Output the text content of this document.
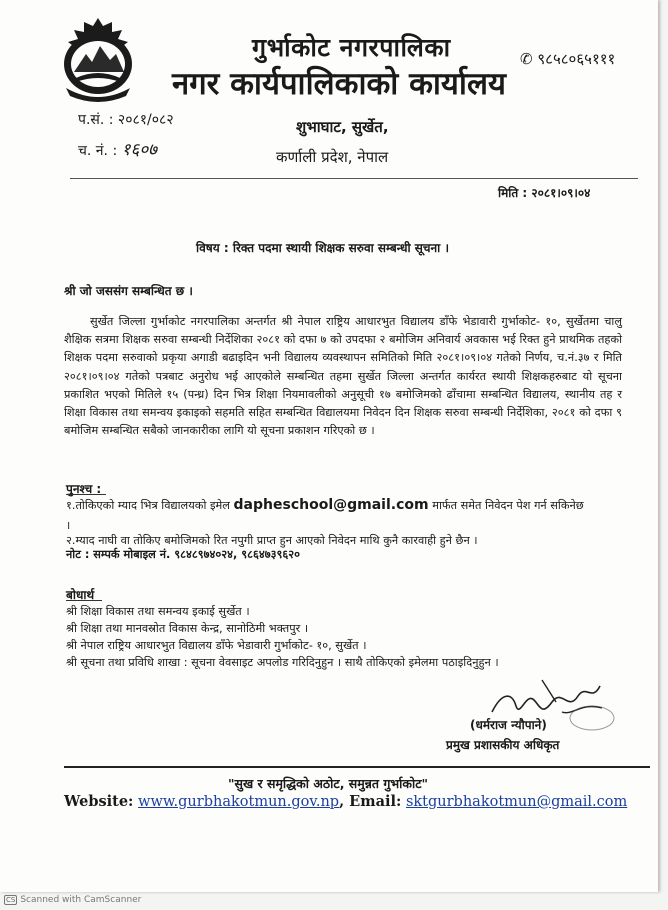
गुर्भाकोट नगरपालिका
नगर कार्यपालिकाको कार्यालय
✆ ९८५८०६५१११
प.सं. : २०८१/०८२
च. नं. : १६०७
शुभाघाट, सुर्खेत,
कर्णाली प्रदेश, नेपाल
मिति : २०८१।०९।०४
विषय : रिक्त पदमा स्थायी शिक्षक सरुवा सम्बन्धी सूचना ।
श्री जो जससंग सम्बन्धित छ ।
सुर्खेत जिल्ला गुर्भाकोट नगरपालिका अन्तर्गत श्री नेपाल राष्ट्रिय आधारभुत विद्यालय डाँफे भेडावारी गुर्भाकोट- १०, सुर्खेतमा चालु शैक्षिक सत्रमा शिक्षक सरुवा सम्बन्धी निर्देशिका २०८१ को दफा ७ को उपदफा २ बमोजिम अनिवार्य अवकास भई रिक्त हुने प्राथमिक तहको शिक्षक पदमा सरुवाको प्रकृया अगाडी बढाइदिन भनी विद्यालय व्यवस्थापन समितिको मिति २०८१।०९।०४ गतेको निर्णय, च.नं.३७ र मिति २०८१।०९।०४ गतेको पत्रबाट अनुरोध भई आएकोले सम्बन्धित तहमा सुर्खेत जिल्ला अन्तर्गत कार्यरत स्थायी शिक्षकहरुबाट यो सूचना प्रकाशित भएको मितिले १५ (पन्ध्र) दिन भित्र शिक्षा नियमावलीको अनुसूची १७ बमोजिमको ढाँचामा सम्बन्धित विद्यालय, स्थानीय तह र शिक्षा विकास तथा समन्वय इकाइको सहमति सहित सम्बन्धित विद्यालयमा निवेदन दिन शिक्षक सरुवा सम्बन्धी निर्देशिका, २०८१ को दफा ९ बमोजिम सम्बन्धित सबैको जानकारीका लागि यो सूचना प्रकाशन गरिएको छ ।
पुनश्च :
१.तोकिएको म्याद भित्र विद्यालयको इमेल dapheschool@gmail.com मार्फत समेत निवेदन पेश गर्न सकिनेछ
।
२.म्याद नाघी वा तोकिए बमोजिमको रित नपुगी प्राप्त हुन आएको निवेदन माथि कुनै कारवाही हुने छैन ।
नोट : सम्पर्क मोबाइल नं. ९८४८९७४०२४, ९८६४७३९६२०
बोधार्थ
श्री शिक्षा विकास तथा समन्वय इकाई सुर्खेत ।
श्री शिक्षा तथा मानवस्रोत विकास केन्द्र, सानोठिमी भक्तपुर ।
श्री नेपाल राष्ट्रिय आधारभुत विद्यालय डाँफे भेडावारी गुर्भाकोट- १०, सुर्खेत ।
श्री सूचना तथा प्रविधि शाखा : सूचना वेवसाइट अपलोड गरिदिनुहुन । साथै तोकिएको इमेलमा पठाइदिनुहुन ।
(धर्मराज न्यौपाने)
प्रमुख प्रशासकीय अधिकृत
"सुख र समृद्धिको अठोट, समुन्नत गुर्भाकोट"
Website: www.gurbhakotmun.gov.np, Email: sktgurbhakotmun@gmail.com
CS Scanned with CamScanner
